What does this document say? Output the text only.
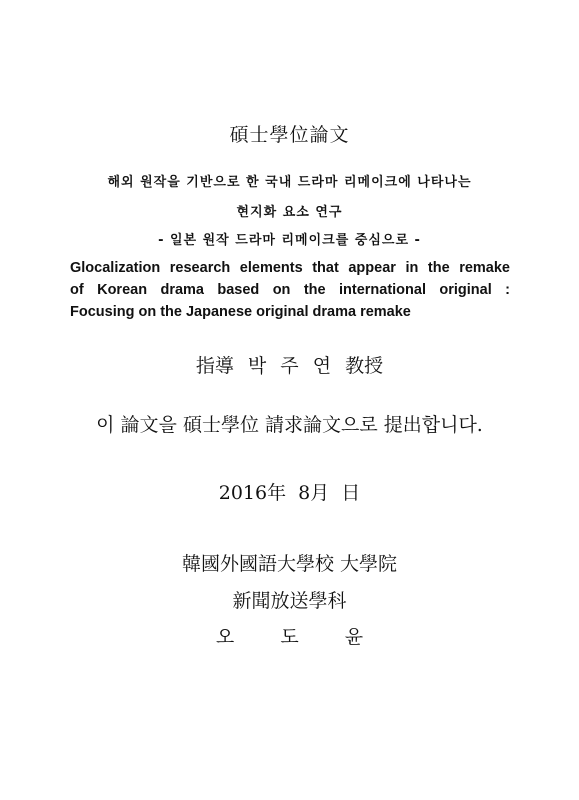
碩士學位論文
해외 원작을 기반으로 한 국내 드라마 리메이크에 나타나는
현지화 요소 연구
- 일본 원작 드라마 리메이크를 중심으로 -
Glocalization research elements that appear in the remake
of Korean drama based on the international original :
Focusing on the Japanese original drama remake
指導 박 주 연 教授
이 論文을 碩士學位 請求論文으로 提出합니다.
2016年 8月 日
韓國外國語大學校 大學院
新聞放送學科
오 도 윤
